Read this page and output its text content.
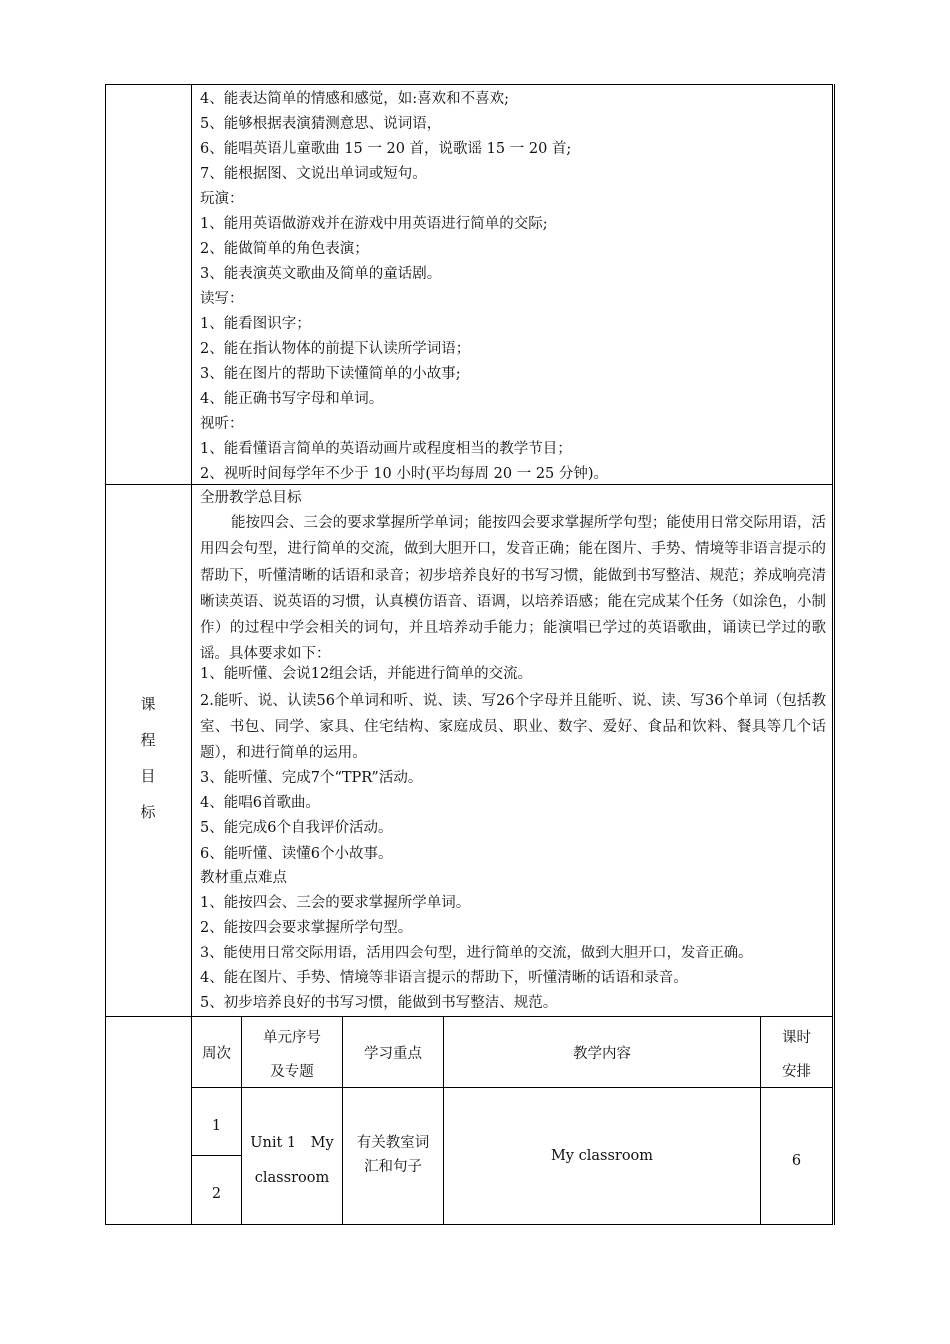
4、能表达简单的情感和感觉，如:喜欢和不喜欢;
5、能够根据表演猜测意思、说词语，
6、能唱英语儿童歌曲 15 一 20 首，说歌谣 15 一 20 首;
7、能根据图、文说出单词或短句。
玩演：
1、能用英语做游戏并在游戏中用英语进行简单的交际;
2、能做简单的角色表演；
3、能表演英文歌曲及简单的童话剧。
读写：
1、能看图识字；
2、能在指认物体的前提下认读所学词语；
3、能在图片的帮助下读懂简单的小故事;
4、能正确书写字母和单词。
视听：
1、能看懂语言简单的英语动画片或程度相当的教学节目；
2、视听时间每学年不少于 10 小时(平均每周 20 一 25 分钟)。
课
程
目
标
全册教学总目标
能按四会、三会的要求掌握所学单词；能按四会要求掌握所学句型；能使用日常交际用语，活用四会句型，进行简单的交流，做到大胆开口，发音正确；能在图片、手势、情境等非语言提示的帮助下，听懂清晰的话语和录音；初步培养良好的书写习惯，能做到书写整洁、规范；养成响亮清晰读英语、说英语的习惯，认真模仿语音、语调，以培养语感；能在完成某个任务（如涂色，小制作）的过程中学会相关的词句，并且培养动手能力；能演唱已学过的英语歌曲，诵读已学过的歌谣。具体要求如下：
1、能听懂、会说12组会话，并能进行简单的交流。
2.能听、说、认读56个单词和听、说、读、写26个字母并且能听、说、读、写36个单词（包括教室、书包、同学、家具、住宅结构、家庭成员、职业、数字、爱好、食品和饮料、餐具等几个话题），和进行简单的运用。
3、能听懂、完成7个“TPR”活动。
4、能唱6首歌曲。
5、能完成6个自我评价活动。
6、能听懂、读懂6个小故事。
教材重点难点
1、能按四会、三会的要求掌握所学单词。
2、能按四会要求掌握所学句型。
3、能使用日常交际用语，活用四会句型，进行简单的交流，做到大胆开口，发音正确。
4、能在图片、手势、情境等非语言提示的帮助下，听懂清晰的话语和录音。
5、初步培养良好的书写习惯，能做到书写整洁、规范。
周次
单元序号
及专题
学习重点	教学内容
课时
安排
1
2
Unit 1　My
classroom
有关教室词
汇和句子
My classroom	6
